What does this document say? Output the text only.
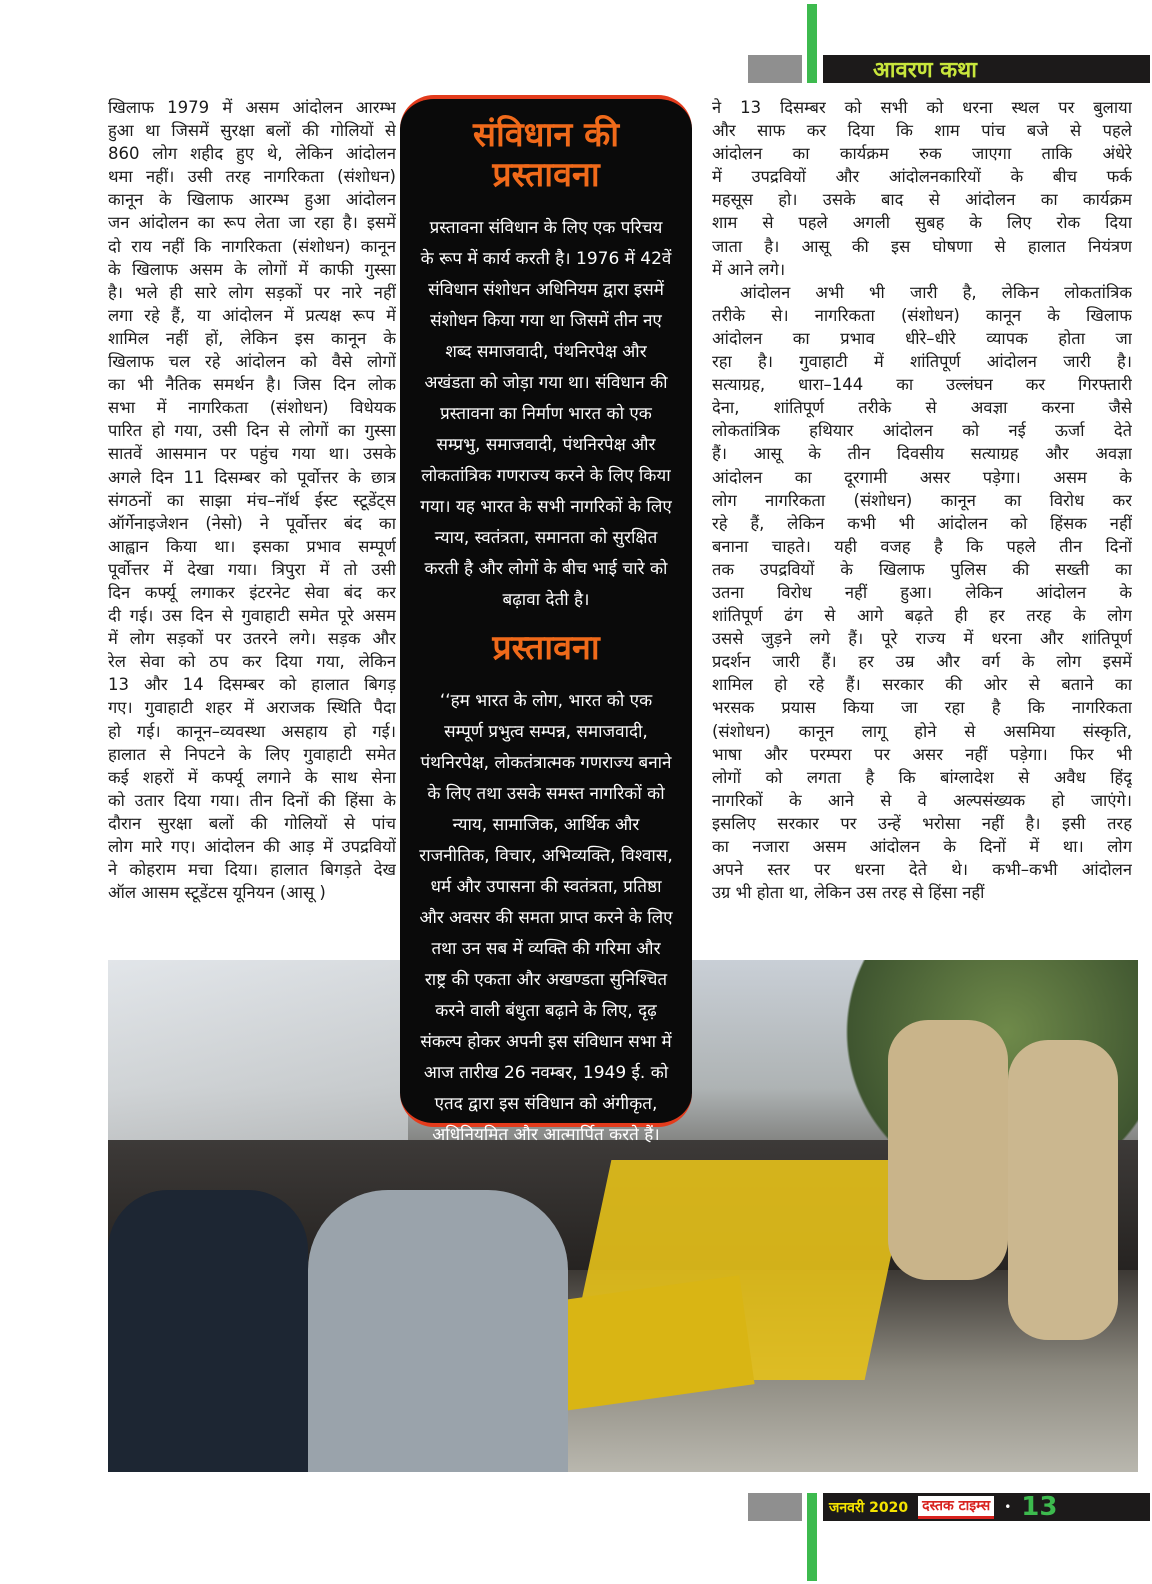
आवरण कथा
खिलाफ 1979 में असम आंदोलन आरम्भ
हुआ था जिसमें सुरक्षा बलों की गोलियों से
860 लोग शहीद हुए थे, लेकिन आंदोलन
थमा नहीं। उसी तरह नागरिकता (संशोधन)
कानून के खिलाफ आरम्भ हुआ आंदोलन
जन आंदोलन का रूप लेता जा रहा है। इसमें
दो राय नहीं कि नागरिकता (संशोधन) कानून
के खिलाफ असम के लोगों में काफी गुस्सा
है। भले ही सारे लोग सड़कों पर नारे नहीं
लगा रहे हैं, या आंदोलन में प्रत्यक्ष रूप में
शामिल नहीं हों, लेकिन इस कानून के
खिलाफ चल रहे आंदोलन को वैसे लोगों
का भी नैतिक समर्थन है। जिस दिन लोक
सभा में नागरिकता (संशोधन) विधेयक
पारित हो गया, उसी दिन से लोगों का गुस्सा
सातवें आसमान पर पहुंच गया था। उसके
अगले दिन 11 दिसम्बर को पूर्वोत्तर के छात्र
संगठनों का साझा मंच–नॉर्थ ईस्ट स्टूडेंट्स
ऑर्गेनाइजेशन (नेसो) ने पूर्वोत्तर बंद का
आह्वान किया था। इसका प्रभाव सम्पूर्ण
पूर्वोत्तर में देखा गया। त्रिपुरा में तो उसी
दिन कर्फ्यू लगाकर इंटरनेट सेवा बंद कर
दी गई। उस दिन से गुवाहाटी समेत पूरे असम
में लोग सड़कों पर उतरने लगे। सड़क और
रेल सेवा को ठप कर दिया गया, लेकिन
13 और 14 दिसम्बर को हालात बिगड़
गए। गुवाहाटी शहर में अराजक स्थिति पैदा
हो गई। कानून–व्यवस्था असहाय हो गई।
हालात से निपटने के लिए गुवाहाटी समेत
कई शहरों में कर्फ्यू लगाने के साथ सेना
को उतार दिया गया। तीन दिनों की हिंसा के
दौरान सुरक्षा बलों की गोलियों से पांच
लोग मारे गए। आंदोलन की आड़ में उपद्रवियों
ने कोहराम मचा दिया। हालात बिगड़ते देख
ऑल आसम स्टूडेंटस यूनियन (आसू )
ने 13 दिसम्बर को सभी को धरना स्थल पर बुलाया
और साफ कर दिया कि शाम पांच बजे से पहले
आंदोलन का कार्यक्रम रुक जाएगा ताकि अंधेरे
में उपद्रवियों और आंदोलनकारियों के बीच फर्क
महसूस हो। उसके बाद से आंदोलन का कार्यक्रम
शाम से पहले अगली सुबह के लिए रोक दिया
जाता है। आसू की इस घोषणा से हालात नियंत्रण
में आने लगे।
आंदोलन अभी भी जारी है, लेकिन लोकतांत्रिक
तरीके से। नागरिकता (संशोधन) कानून के खिलाफ
आंदोलन का प्रभाव धीरे–धीरे व्यापक होता जा
रहा है। गुवाहाटी में शांतिपूर्ण आंदोलन जारी है।
सत्याग्रह, धारा–144 का उल्लंघन कर गिरफ्तारी
देना, शांतिपूर्ण तरीके से अवज्ञा करना जैसे
लोकतांत्रिक हथियार आंदोलन को नई ऊर्जा देते
हैं। आसू के तीन दिवसीय सत्याग्रह और अवज्ञा
आंदोलन का दूरगामी असर पड़ेगा। असम के
लोग नागरिकता (संशोधन) कानून का विरोध कर
रहे हैं, लेकिन कभी भी आंदोलन को हिंसक नहीं
बनाना चाहते। यही वजह है कि पहले तीन दिनों
तक उपद्रवियों के खिलाफ पुलिस की सख्ती का
उतना विरोध नहीं हुआ। लेकिन आंदोलन के
शांतिपूर्ण ढंग से आगे बढ़ते ही हर तरह के लोग
उससे जुड़ने लगे हैं। पूरे राज्य में धरना और शांतिपूर्ण
प्रदर्शन जारी हैं। हर उम्र और वर्ग के लोग इसमें
शामिल हो रहे हैं। सरकार की ओर से बताने का
भरसक प्रयास किया जा रहा है कि नागरिकता
(संशोधन) कानून लागू होने से असमिया संस्कृति,
भाषा और परम्परा पर असर नहीं पड़ेगा। फिर भी
लोगों को लगता है कि बांग्लादेश से अवैध हिंदू
नागरिकों के आने से वे अल्पसंख्यक हो जाएंगे।
इसलिए सरकार पर उन्हें भरोसा नहीं है। इसी तरह
का नजारा असम आंदोलन के दिनों में था। लोग
अपने स्तर पर धरना देते थे। कभी–कभी आंदोलन
उग्र भी होता था, लेकिन उस तरह से हिंसा नहीं
संविधान की
प्रस्तावना
प्रस्तावना संविधान के लिए एक परिचय
के रूप में कार्य करती है। 1976 में 42वें
संविधान संशोधन अधिनियम द्वारा इसमें
संशोधन किया गया था जिसमें तीन नए
शब्द समाजवादी, पंथनिरपेक्ष और
अखंडता को जोड़ा गया था। संविधान की
प्रस्तावना का निर्माण भारत को एक
सम्प्रभु, समाजवादी, पंथनिरपेक्ष और
लोकतांत्रिक गणराज्य करने के लिए किया
गया। यह भारत के सभी नागरिकों के लिए
न्याय, स्वतंत्रता, समानता को सुरक्षित
करती है और लोगों के बीच भाई चारे को
बढ़ावा देती है।
प्रस्तावना
‘‘हम भारत के लोग, भारत को एक
सम्पूर्ण प्रभुत्व सम्पन्न, समाजवादी,
पंथनिरपेक्ष, लोकतंत्रात्मक गणराज्य बनाने
के लिए तथा उसके समस्त नागरिकों को
न्याय, सामाजिक, आर्थिक और
राजनीतिक, विचार, अभिव्यक्ति, विश्वास,
धर्म और उपासना की स्वतंत्रता, प्रतिष्ठा
और अवसर की समता प्राप्त करने के लिए
तथा उन सब में व्यक्ति की गरिमा और
राष्ट्र की एकता और अखण्डता सुनिश्चित
करने वाली बंधुता बढ़ाने के लिए, दृढ़
संकल्प होकर अपनी इस संविधान सभा में
आज तारीख 26 नवम्बर, 1949 ई. को
एतद द्वारा इस संविधान को अंगीकृत,
अधिनियमित और आत्मार्पित करते हैं।
जनवरी 2020 दस्तक टाइम्स	• 13
